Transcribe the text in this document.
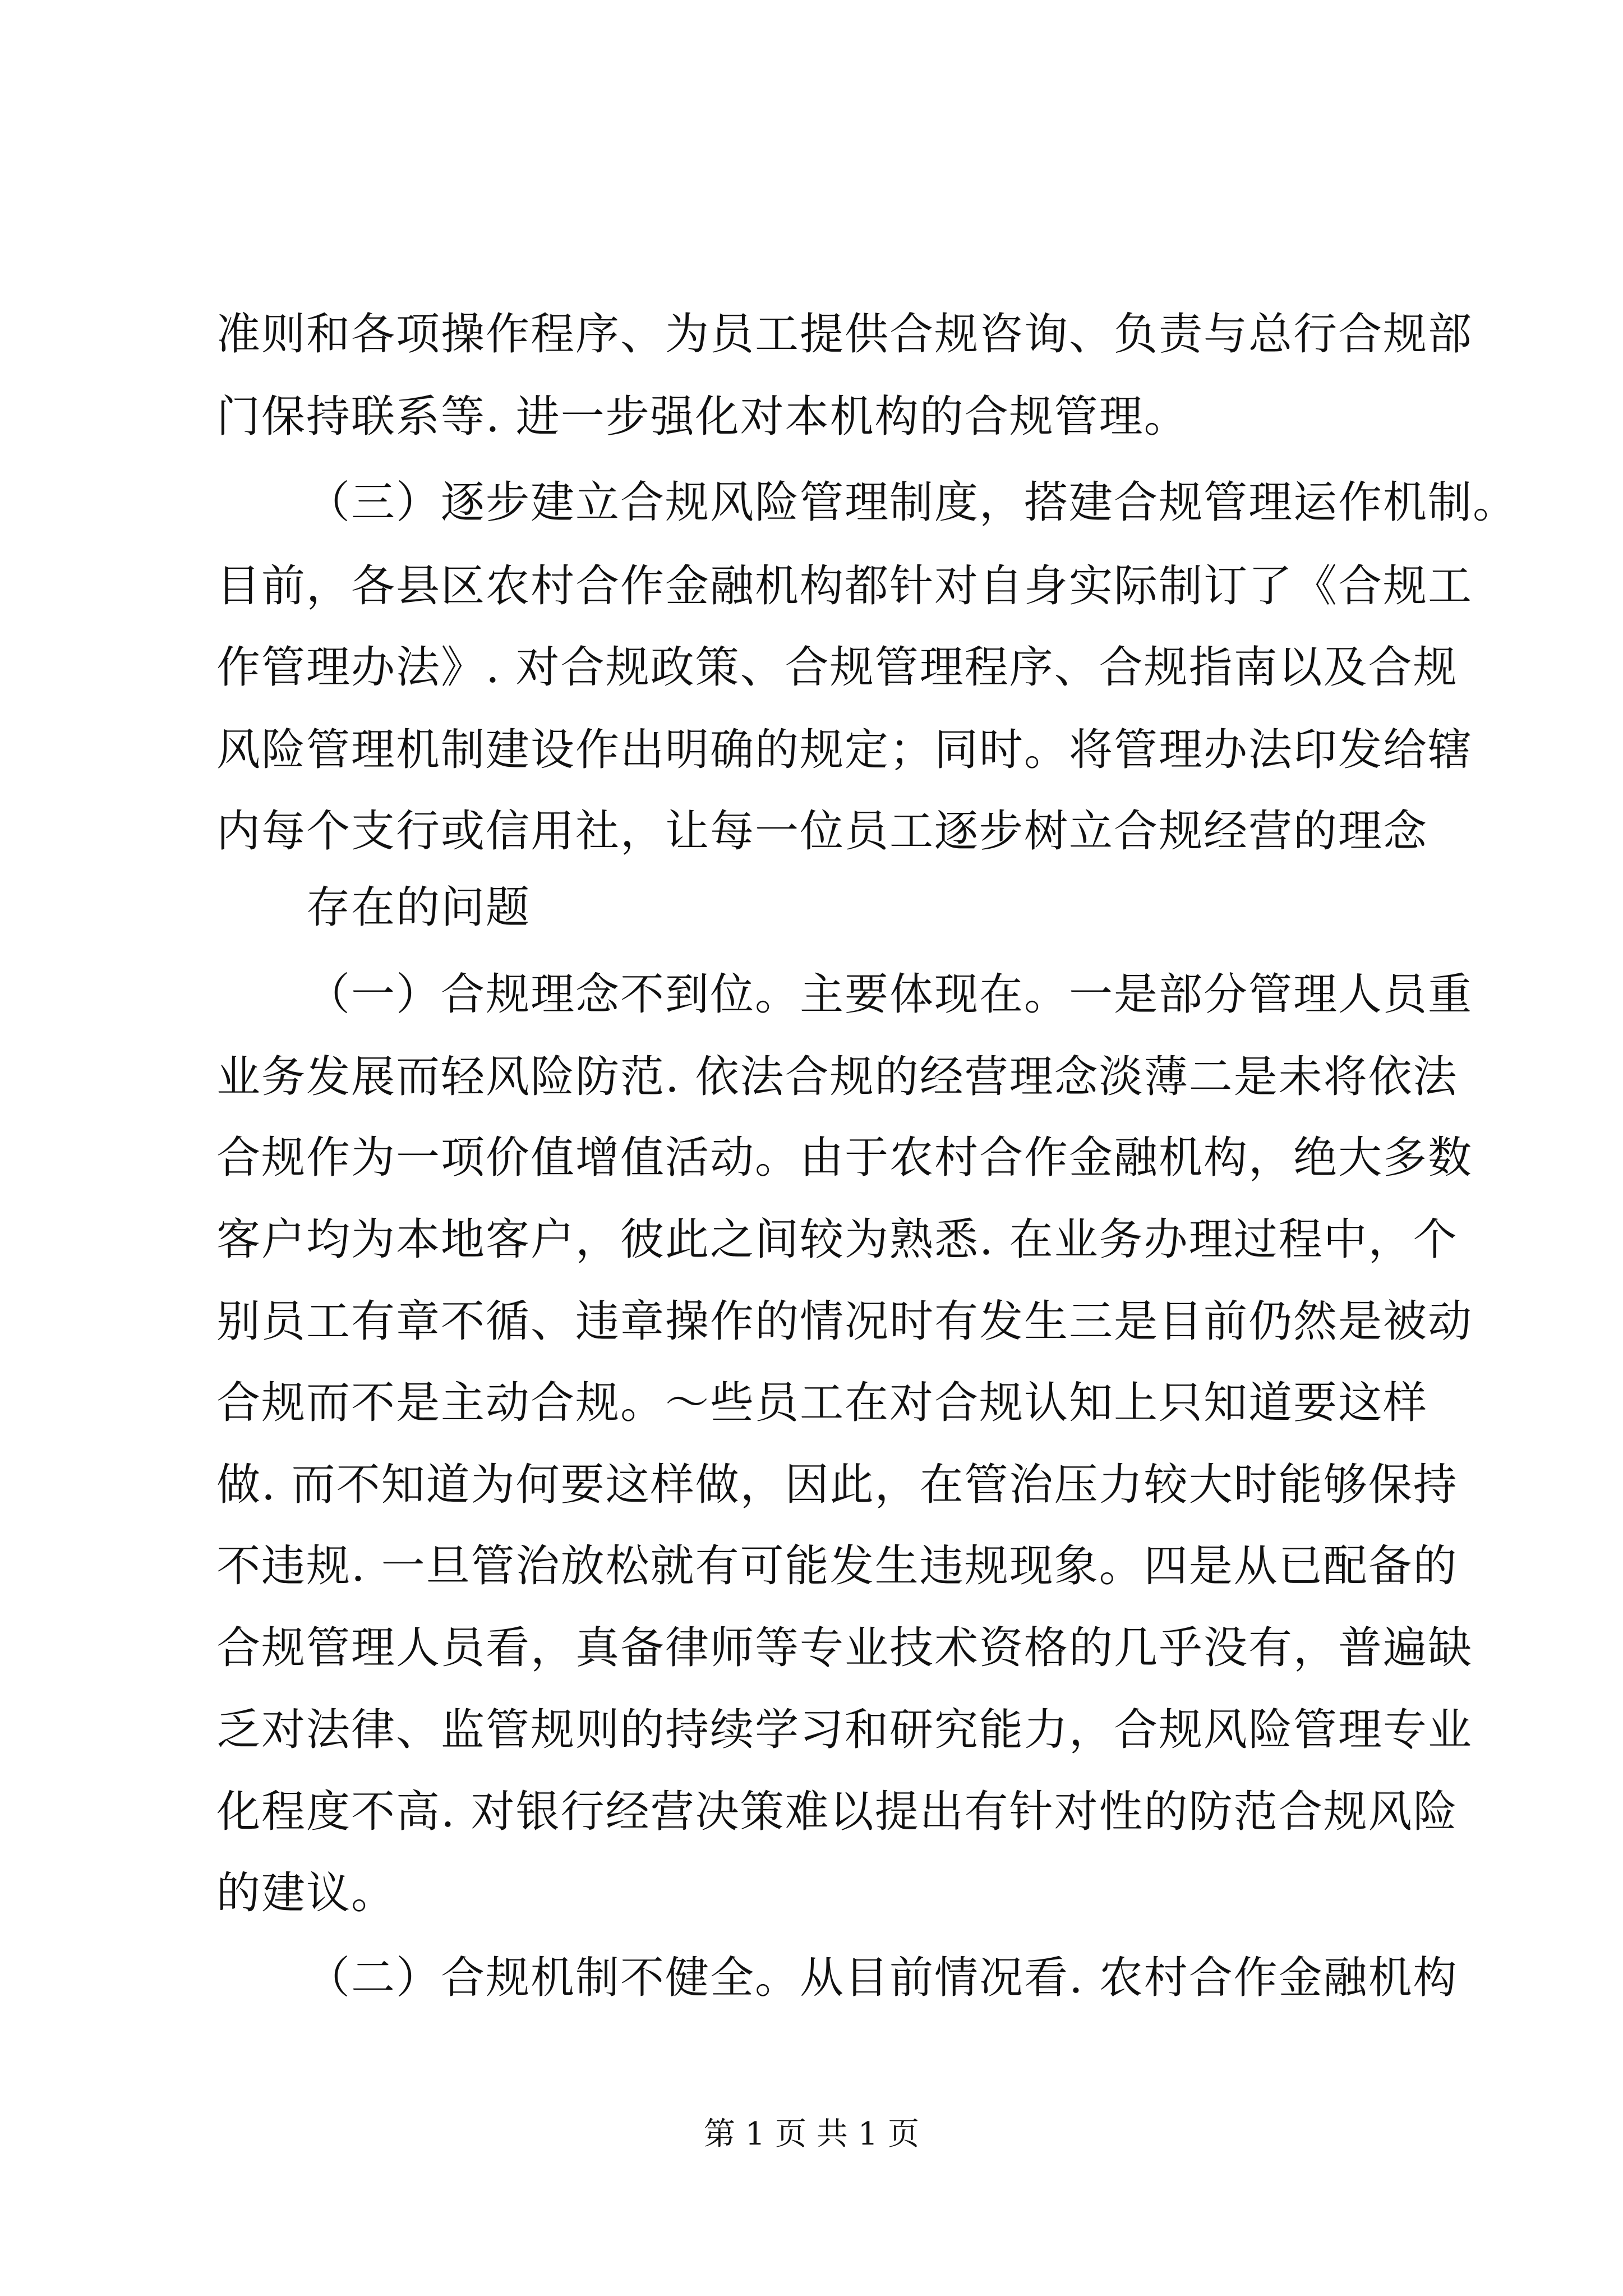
准则和各项操作程序、为员工提供合规咨询、负责与总行合规部
门保持联系等. 进一步强化对本机构的合规管理。
（三）逐步建立合规风险管理制度，搭建合规管理运作机制。
目前，各县区农村合作金融机构都针对自身实际制订了《合规工
作管理办法》. 对合规政策、合规管理程序、合规指南以及合规
风险管理机制建设作出明确的规定；同时。将管理办法印发给辖
内每个支行或信用社，让每一位员工逐步树立合规经营的理念
存在的问题
（一）合规理念不到位。主要体现在。一是部分管理人员重
业务发展而轻风险防范. 依法合规的经营理念淡薄二是未将依法
合规作为一项价值增值活动。由于农村合作金融机构，绝大多数
客户均为本地客户，彼此之间较为熟悉. 在业务办理过程中，个
别员工有章不循、违章操作的情况时有发生三是目前仍然是被动
合规而不是主动合规。～些员工在对合规认知上只知道要这样
做. 而不知道为何要这样做，因此，在管治压力较大时能够保持
不违规. 一旦管治放松就有可能发生违规现象。四是从已配备的
合规管理人员看，真备律师等专业技术资格的几乎没有，普遍缺
乏对法律、监管规则的持续学习和研究能力，合规风险管理专业
化程度不高. 对银行经营决策难以提出有针对性的防范合规风险
的建议。
（二）合规机制不健全。从目前情况看. 农村合作金融机构
第 1 页 共 1 页
